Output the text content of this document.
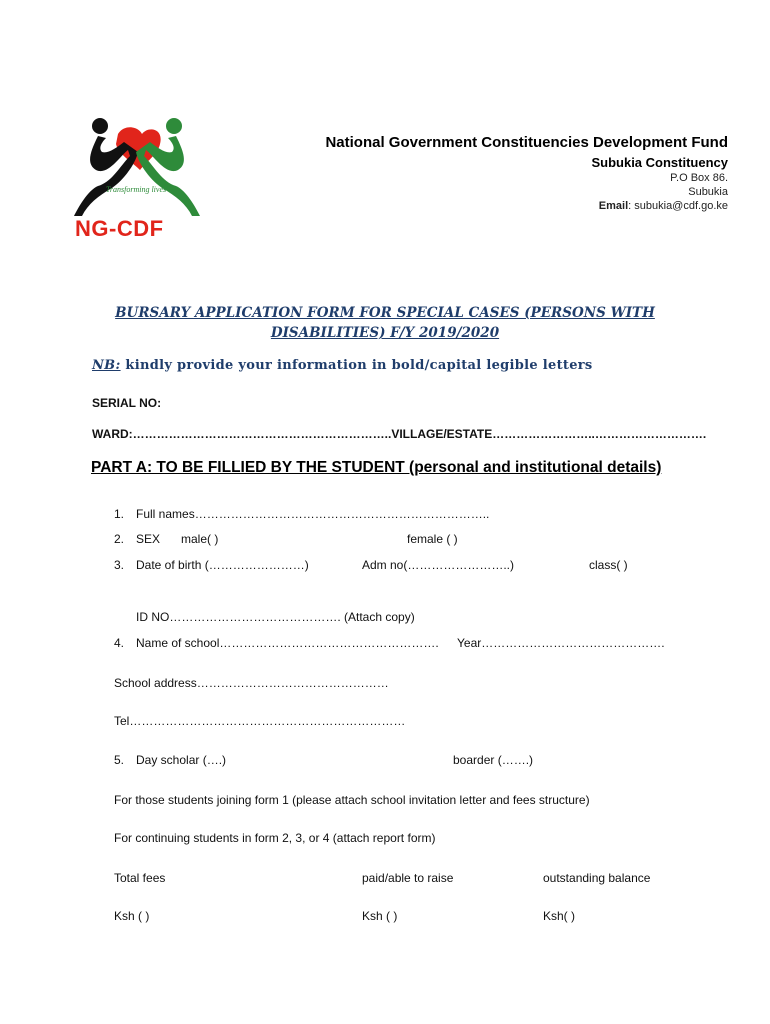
Transforming lives
NG-CDF
National Government Constituencies Development Fund
Subukia Constituency
P.O Box 86.
Subukia
Email: subukia@cdf.go.ke
BURSARY APPLICATION FORM FOR SPECIAL CASES (PERSONS WITH
DISABILITIES) F/Y 2019/2020
NB: kindly provide your information in bold/capital legible letters
SERIAL NO:
WARD:………………………………………………………..VILLAGE/ESTATE……………………..……………………….
PART A: TO BE FILLIED BY THE STUDENT (personal and institutional details)
1. Full names………………………………………………………………..
2. SEX male( )	female ( )
3. Date of birth (……………………)	Adm no(……………………..)	class( )
ID NO……………………………………. (Attach copy)
4. Name of school………………………………………………. Year……………………………………….
School address…………………………………………
Tel……………………………………………………………
5. Day scholar (….)	boarder (…….)
For those students joining form 1 (please attach school invitation letter and fees structure)
For continuing students in form 2, 3, or 4 (attach report form)
Total fees	paid/able to raise	outstanding balance
Ksh ( )	Ksh ( )	Ksh( )
